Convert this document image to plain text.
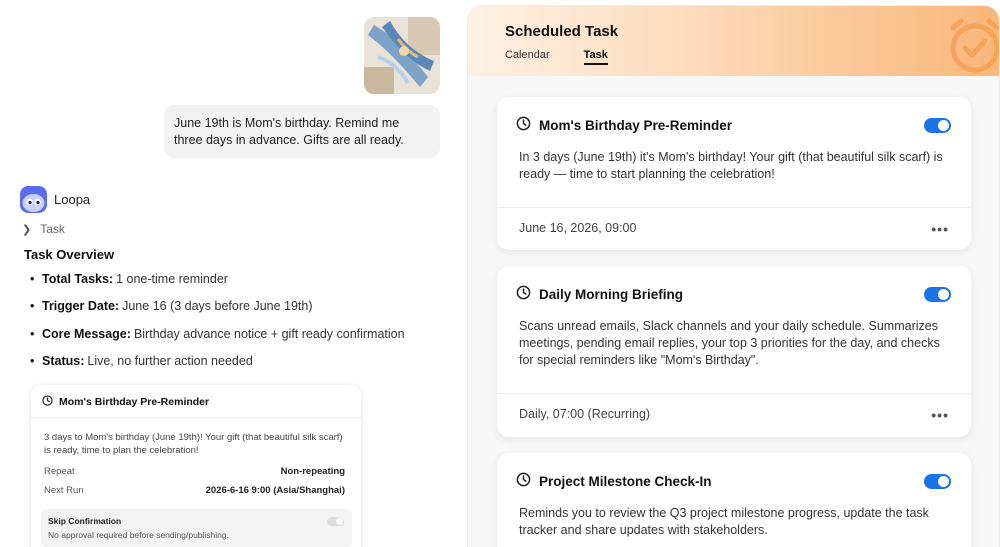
June 19th is Mom's birthday. Remind me three days in advance. Gifts are all ready.
Loopa
❯ Task
Task Overview
• Total Tasks: 1 one-time reminder
• Trigger Date: June 16 (3 days before June 19th)
• Core Message: Birthday advance notice + gift ready confirmation
• Status: Live, no further action needed
Mom's Birthday Pre-Reminder
3 days to Mom's birthday (June 19th)! Your gift (that beautiful silk scarf) is ready, time to plan the celebration!
Repeat	Non-repeating
Next Run	2026-6-16 9:00 (Asia/Shanghai)
Skip Confirmation
No approval required before sending/publishing.
Scheduled Task
Calendar	Task
Mom's Birthday Pre-Reminder
In 3 days (June 19th) it's Mom's birthday! Your gift (that beautiful silk scarf) is ready — time to start planning the celebration!
June 16, 2026, 09:00	•••
Daily Morning Briefing
Scans unread emails, Slack channels and your daily schedule. Summarizes meetings, pending email replies, your top 3 priorities for the day, and checks for special reminders like "Mom's Birthday".
Daily, 07:00 (Recurring)	•••
Project Milestone Check-In
Reminds you to review the Q3 project milestone progress, update the task tracker and share updates with stakeholders.
